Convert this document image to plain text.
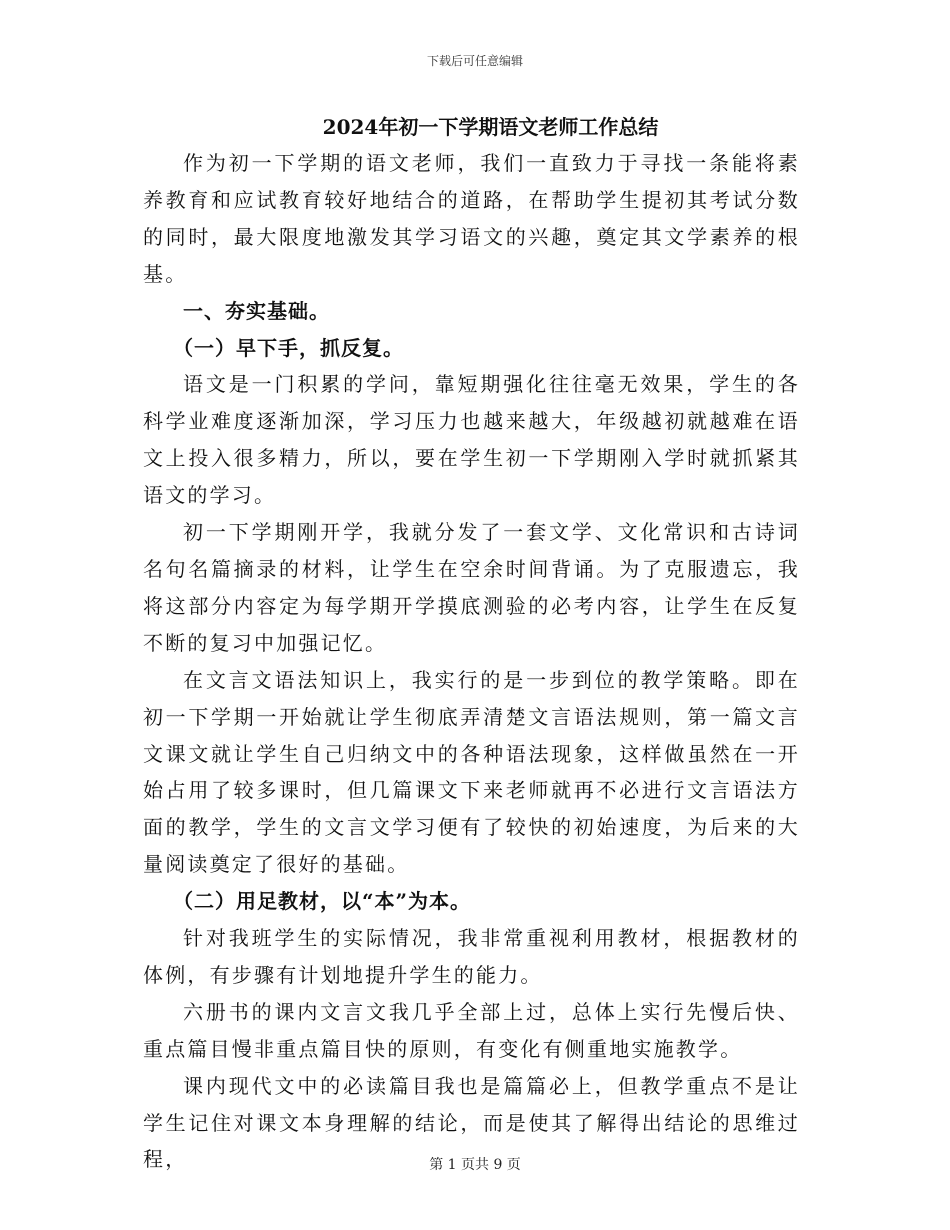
下载后可任意编辑
2024年初一下学期语文老师工作总结

作为初一下学期的语文老师，我们一直致力于寻找一条能将素养教育和应试教育较好地结合的道路，在帮助学生提初其考试分数的同时，最大限度地激发其学习语文的兴趣，奠定其文学素养的根基。

一、夯实基础。
（一）早下手，抓反复。

语文是一门积累的学问，靠短期强化往往毫无效果，学生的各科学业难度逐渐加深，学习压力也越来越大，年级越初就越难在语文上投入很多精力，所以，要在学生初一下学期刚入学时就抓紧其语文的学习。

初一下学期刚开学，我就分发了一套文学、文化常识和古诗词名句名篇摘录的材料，让学生在空余时间背诵。为了克服遗忘，我将这部分内容定为每学期开学摸底测验的必考内容，让学生在反复不断的复习中加强记忆。

在文言文语法知识上，我实行的是一步到位的教学策略。即在初一下学期一开始就让学生彻底弄清楚文言语法规则，第一篇文言文课文就让学生自己归纳文中的各种语法现象，这样做虽然在一开始占用了较多课时，但几篇课文下来老师就再不必进行文言语法方面的教学，学生的文言文学习便有了较快的初始速度，为后来的大量阅读奠定了很好的基础。

（二）用足教材，以“本”为本。

针对我班学生的实际情况，我非常重视利用教材，根据教材的体例，有步骤有计划地提升学生的能力。

六册书的课内文言文我几乎全部上过，总体上实行先慢后快、重点篇目慢非重点篇目快的原则，有变化有侧重地实施教学。

课内现代文中的必读篇目我也是篇篇必上，但教学重点不是让学生记住对课文本身理解的结论，而是使其了解得出结论的思维过程，	第 1 页共 9 页
